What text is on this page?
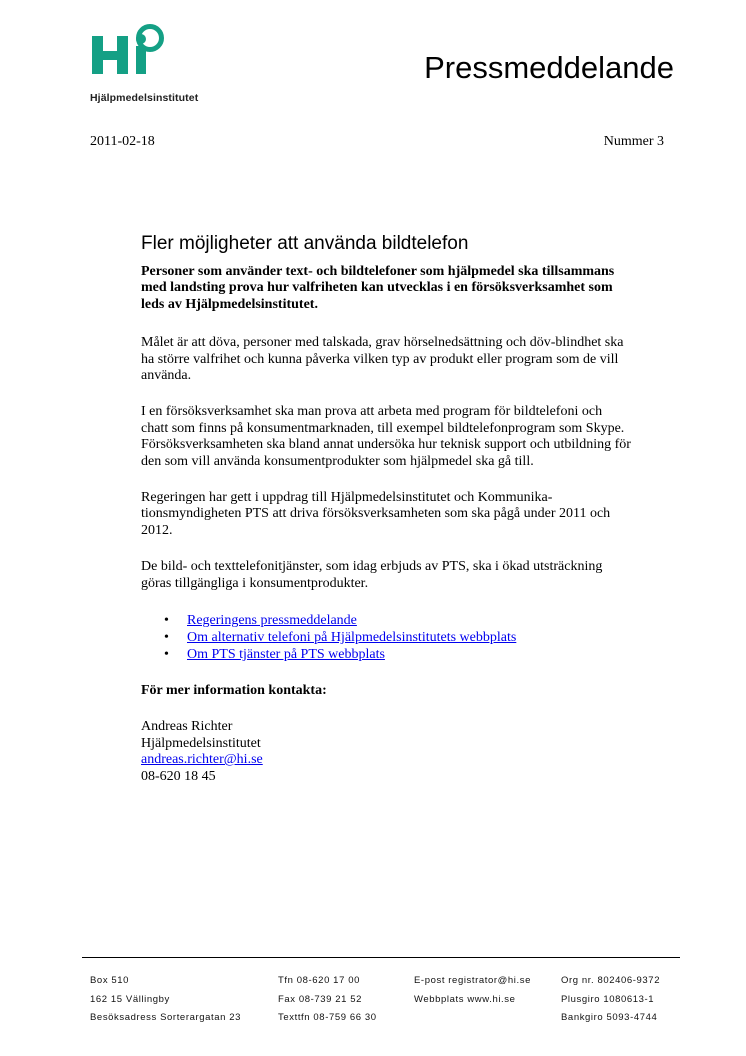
Hjälpmedelsinstitutet
Pressmeddelande
2011-02-18	Nummer 3
Fler möjligheter att använda bildtelefon
Personer som använder text- och bildtelefoner som hjälpmedel ska tillsammans med landsting prova hur valfriheten kan utvecklas i en försöksverksamhet som leds av Hjälpmedelsinstitutet.

Målet är att döva, personer med talskada, grav hörselnedsättning och döv-blindhet ska ha större valfrihet och kunna påverka vilken typ av produkt eller program som de vill använda.

I en försöksverksamhet ska man prova att arbeta med program för bildtelefoni och chatt som finns på konsumentmarknaden, till exempel bildtelefonprogram som Skype. Försöksverksamheten ska bland annat undersöka hur teknisk support och utbildning för den som vill använda konsumentprodukter som hjälpmedel ska gå till.

Regeringen har gett i uppdrag till Hjälpmedelsinstitutet och Kommunika-tionsmyndigheten PTS att driva försöksverksamheten som ska pågå under 2011 och 2012.

De bild- och texttelefonitjänster, som idag erbjuds av PTS, ska i ökad utsträckning göras tillgängliga i konsumentprodukter.

• Regeringens pressmeddelande
• Om alternativ telefoni på Hjälpmedelsinstitutets webbplats
• Om PTS tjänster på PTS webbplats
För mer information kontakta:
Andreas Richter
Hjälpmedelsinstitutet
andreas.richter@hi.se
08-620 18 45
Box 510
162 15 Vällingby
Besöksadress Sorterargatan 23
Tfn 08-620 17 00
Fax 08-739 21 52
Texttfn 08-759 66 30
E-post registrator@hi.se
Webbplats www.hi.se
Org nr. 802406-9372
Plusgiro 1080613-1
Bankgiro 5093-4744
